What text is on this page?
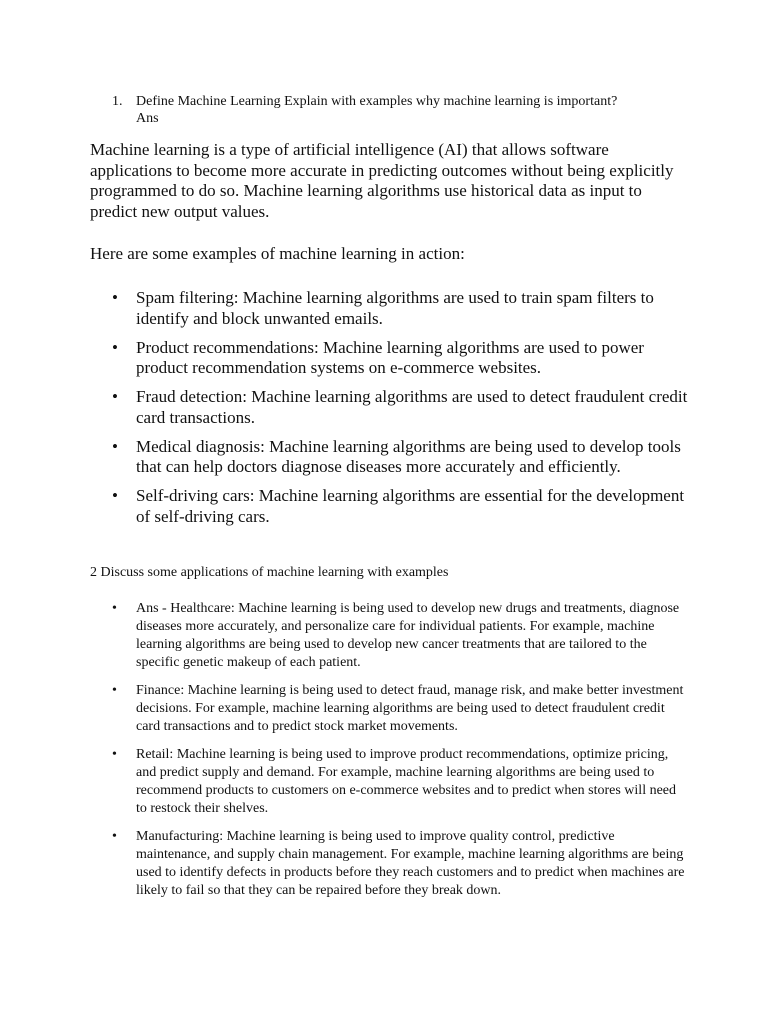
1. Define Machine Learning Explain with examples why machine learning is important?
Ans

Machine learning is a type of artificial intelligence (AI) that allows software applications to become more accurate in predicting outcomes without being explicitly programmed to do so. Machine learning algorithms use historical data as input to predict new output values.

Here are some examples of machine learning in action:

• Spam filtering: Machine learning algorithms are used to train spam filters to identify and block unwanted emails.
• Product recommendations: Machine learning algorithms are used to power product recommendation systems on e-commerce websites.
• Fraud detection: Machine learning algorithms are used to detect fraudulent credit card transactions.
• Medical diagnosis: Machine learning algorithms are being used to develop tools that can help doctors diagnose diseases more accurately and efficiently.
• Self-driving cars: Machine learning algorithms are essential for the development of self-driving cars.
2 Discuss some applications of machine learning with examples
• Ans - Healthcare: Machine learning is being used to develop new drugs and treatments, diagnose diseases more accurately, and personalize care for individual patients. For example, machine learning algorithms are being used to develop new cancer treatments that are tailored to the specific genetic makeup of each patient.
• Finance: Machine learning is being used to detect fraud, manage risk, and make better investment decisions. For example, machine learning algorithms are being used to detect fraudulent credit card transactions and to predict stock market movements.
• Retail: Machine learning is being used to improve product recommendations, optimize pricing, and predict supply and demand. For example, machine learning algorithms are being used to recommend products to customers on e-commerce websites and to predict when stores will need to restock their shelves.
• Manufacturing: Machine learning is being used to improve quality control, predictive maintenance, and supply chain management. For example, machine learning algorithms are being used to identify defects in products before they reach customers and to predict when machines are likely to fail so that they can be repaired before they break down.
